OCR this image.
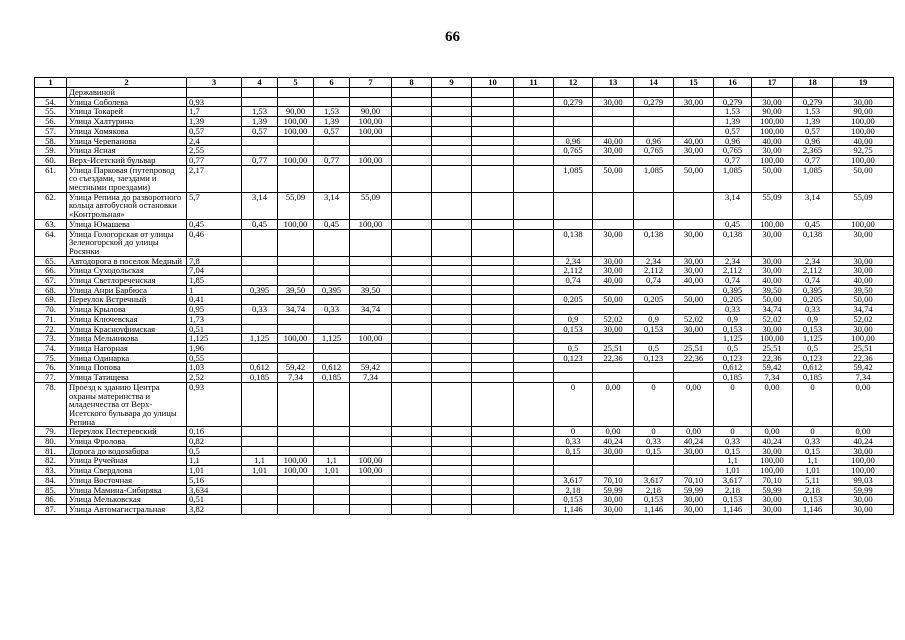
66
1	2	3	4	5	6	7	8	9	10	11	12	13	14	15	16	17	18	19
	Державиной																	
54.	Улица Соболева	0,93									0,279	30,00	0,279	30,00	0,279	30,00	0,279	30,00
55.	Улица Токарей	1,7	1,53	90,00	1,53	90,00									1,53	90,00	1,53	90,00
56.	Улица Халтурина	1,39	1,39	100,00	1,39	100,00									1,39	100,00	1,39	100,00
57.	Улица Хомякова	0,57	0,57	100,00	0,57	100,00									0,57	100,00	0,57	100,00
58.	Улица Черепанова	2,4									0,96	40,00	0,96	40,00	0,96	40,00	0,96	40,00
59.	Улица Ясная	2,55									0,765	30,00	0,765	30,00	0,765	30,00	2,365	92,75
60.	Верх-Исетский бульвар	0,77	0,77	100,00	0,77	100,00									0,77	100,00	0,77	100,00
61.	Улица Парковая (путепровод со съездами, заездами и местными проездами)	2,17									1,085	50,00	1,085	50,00	1,085	50,00	1,085	50,00
62.	Улица Репина до разворотного кольца автобусной остановки «Контрольная»	5,7	3,14	55,09	3,14	55,09									3,14	55,09	3,14	55,09
63.	Улица Юмашева	0,45	0,45	100,00	0,45	100,00									0,45	100,00	0,45	100,00
64.	Улица Гологорская от улицы Зеленогорской до улицы Росянки	0,46									0,138	30,00	0,138	30,00	0,138	30,00	0,138	30,00
65.	Автодорога в поселок Медный	7,8									2,34	30,00	2,34	30,00	2,34	30,00	2,34	30,00
66.	Улица Суходольская	7,04									2,112	30,00	2,112	30,00	2,112	30,00	2,112	30,00
67.	Улица Светлореченская	1,85									0,74	40,00	0,74	40,00	0,74	40,00	0,74	40,00
68.	Улица Анри Барбюса	1	0,395	39,50	0,395	39,50									0,395	39,50	0,395	39,50
69.	Переулок Встречный	0,41									0,205	50,00	0,205	50,00	0,205	50,00	0,205	50,00
70.	Улица Крылова	0,95	0,33	34,74	0,33	34,74									0,33	34,74	0,33	34,74
71.	Улица Ключевская	1,73									0,9	52,02	0,9	52,02	0,9	52,02	0,9	52,02
72.	Улица Красноуфимская	0,51									0,153	30,00	0,153	30,00	0,153	30,00	0,153	30,00
73.	Улица Мельникова	1,125	1,125	100,00	1,125	100,00									1,125	100,00	1,125	100,00
74.	Улица Нагорная	1,96									0,5	25,51	0,5	25,51	0,5	25,51	0,5	25,51
75.	Улица Одинарка	0,55									0,123	22,36	0,123	22,36	0,123	22,36	0,123	22,36
76.	Улица Попова	1,03	0,612	59,42	0,612	59,42									0,612	59,42	0,612	59,42
77.	Улица Татищева	2,52	0,185	7,34	0,185	7,34									0,185	7,34	0,185	7,34
78.	Проезд к зданию Центра охраны материнства и младенчества от Верх-Исетского бульвара до улицы Репина	0,93									0	0,00	0	0,00	0	0,00	0	0,00
79.	Переулок Пестеревский	0,16									0	0,00	0	0,00	0	0,00	0	0,00
80.	Улица Фролова	0,82									0,33	40,24	0,33	40,24	0,33	40,24	0,33	40,24
81.	Дорога до водозабора	0,5									0,15	30,00	0,15	30,00	0,15	30,00	0,15	30,00
82.	Улица Ручейная	1,1	1,1	100,00	1,1	100,00									1,1	100,00	1,1	100,00
83.	Улица Свердлова	1,01	1,01	100,00	1,01	100,00									1,01	100,00	1,01	100,00
84.	Улица Восточная	5,16									3,617	70,10	3,617	70,10	3,617	70,10	5,11	99,03
85.	Улица Мамина-Сибиряка	3,634									2,18	59,99	2,18	59,99	2,18	59,99	2,18	59,99
86.	Улица Мельковская	0,51									0,153	30,00	0,153	30,00	0,153	30,00	0,153	30,00
87.	Улица Автомагистральная	3,82									1,146	30,00	1,146	30,00	1,146	30,00	1,146	30,00
